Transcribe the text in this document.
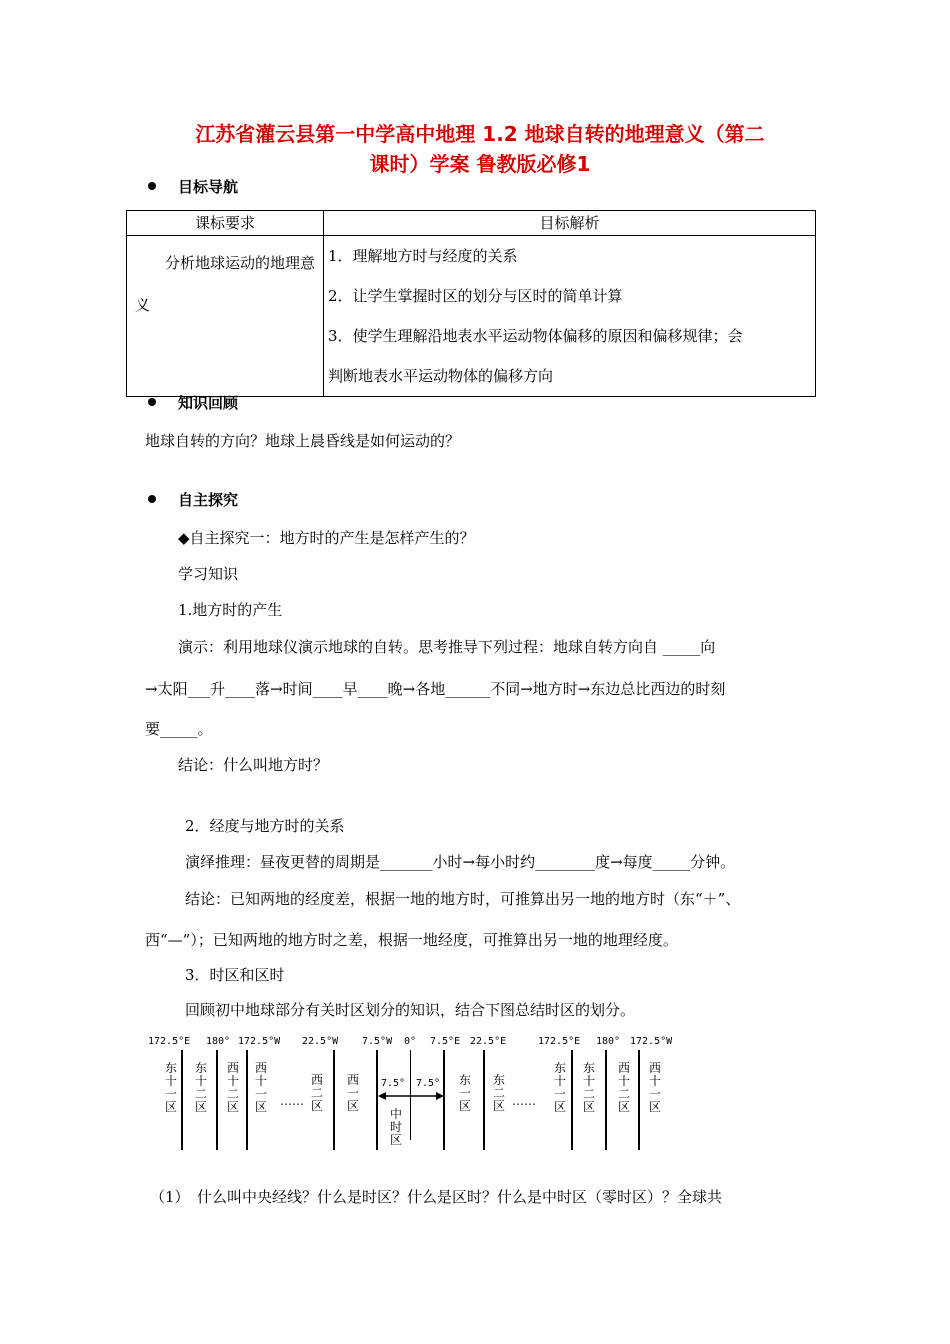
江苏省灌云县第一中学高中地理 1.2 地球自转的地理意义（第二
课时）学案 鲁教版必修1
目标导航
课标要求	目标解析
分析地球运动的地理意义	1．理解地方时与经度的关系
2．让学生掌握时区的划分与区时的简单计算
3．使学生理解沿地表水平运动物体偏移的原因和偏移规律；会
判断地表水平运动物体的偏移方向
知识回顾
地球自转的方向？地球上晨昏线是如何运动的？
自主探究
◆自主探究一：地方时的产生是怎样产生的？
学习知识
1.地方时的产生
演示：利用地球仪演示地球的自转。思考推导下列过程：地球自转方向自 _____向
→太阳___升____落→时间____早____晚→各地______不同→地方时→东边总比西边的时刻
要_____。
结论：什么叫地方时？
2．经度与地方时的关系
演绎推理：昼夜更替的周期是_______小时→每小时约________度→每度_____分钟。
结论：已知两地的经度差，根据一地的地方时，可推算出另一地的地方时（东“＋”、
西“—”）；已知两地的地方时之差，根据一地经度，可推算出另一地的地理经度。
3．时区和区时
回顾初中地球部分有关时区划分的知识，结合下图总结时区的划分。
172.5°E 180° 172.5°W 22.5°W 7.5°W 0° 7.5°E 22.5°E	172.5°E 180° 172.5°W
东十一区
东十二区
西十二区
西十一区 ……
西二区
西一区
中时区
东一区
东二区 ……
东十一区
东十二区
西十二区
西十一区
7.5° 7.5°
（1）　什么叫中央经线？什么是时区？什么是区时？什么是中时区（零时区）？全球共
